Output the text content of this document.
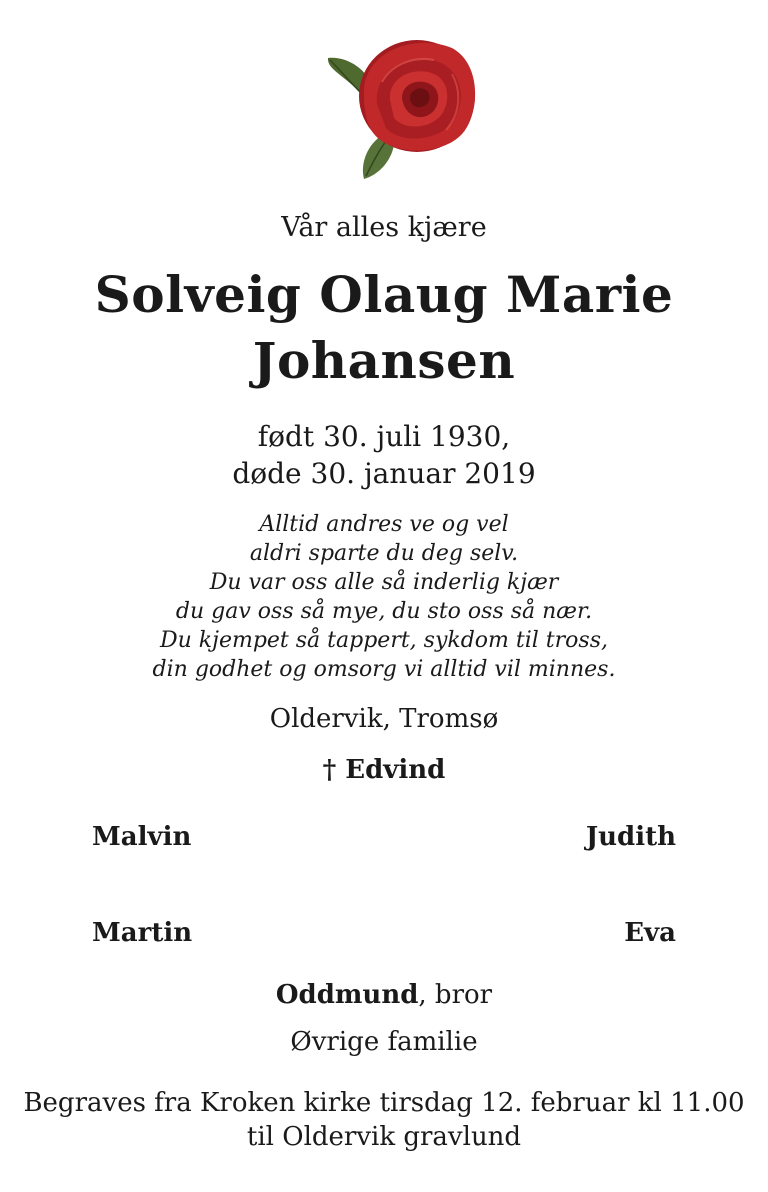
Vår alles kjære
Solveig Olaug Marie
Johansen
født 30. juli 1930,
døde 30. januar 2019
Alltid andres ve og vel
aldri sparte du deg selv.
Du var oss alle så inderlig kjær
du gav oss så mye, du sto oss så nær.
Du kjempet så tappert, sykdom til tross,
din godhet og omsorg vi alltid vil minnes.
Oldervik, Tromsø
† Edvind
Malvin	Judith
Martin	Eva
Oddmund, bror
Øvrige familie
Begraves fra Kroken kirke tirsdag 12. februar kl 11.00
til Oldervik gravlund
